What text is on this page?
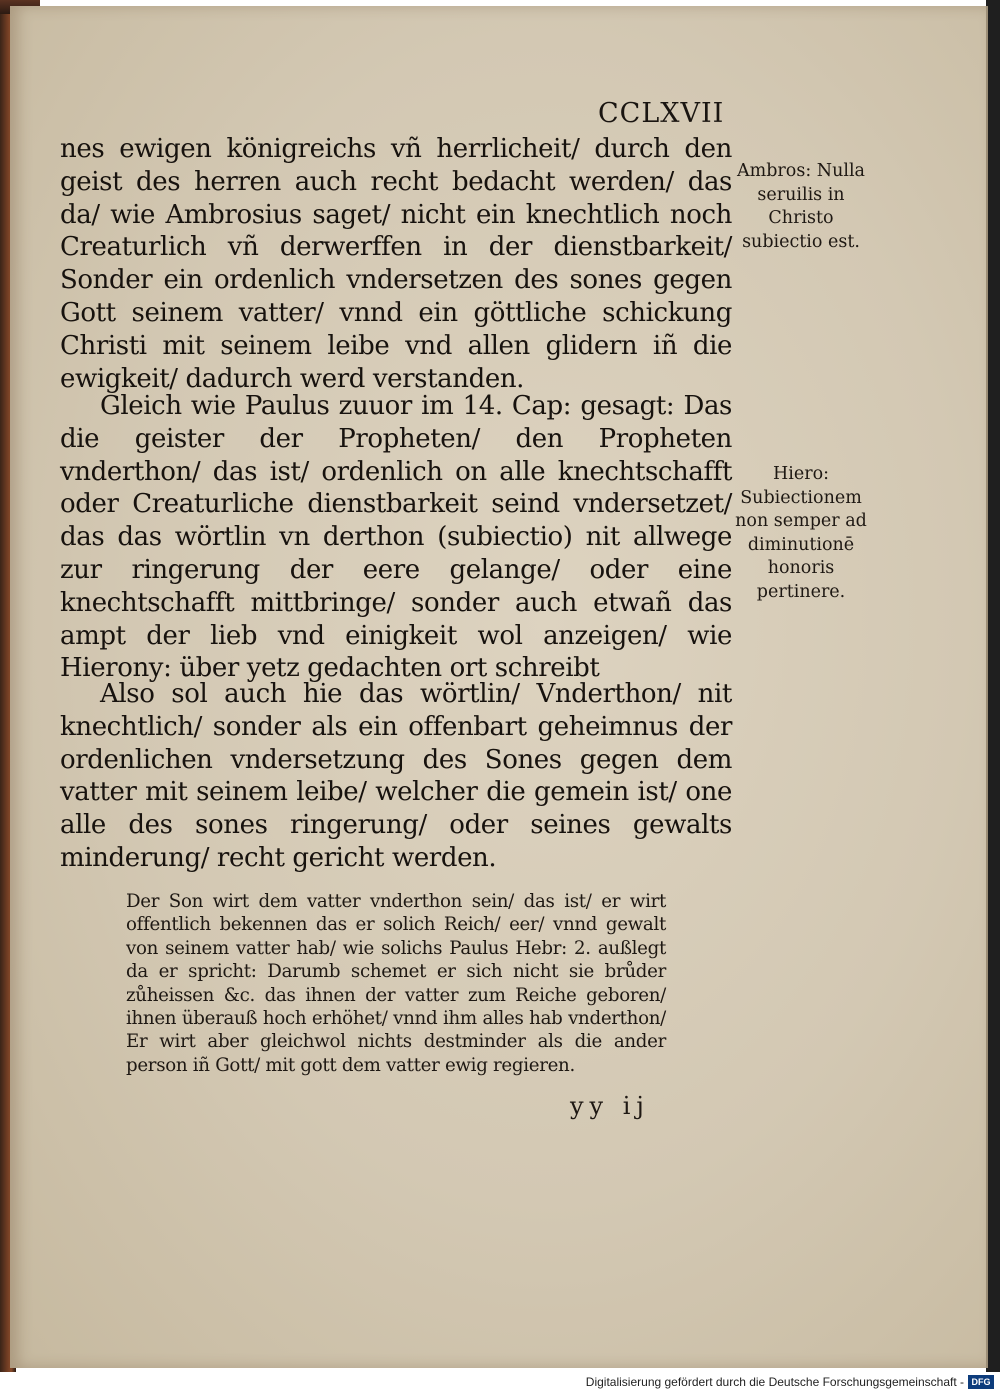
CCLXVII
nes ewigen königreichs vñ herrlicheit/ durch den geist des herren auch recht bedacht werden/ das da/ wie Ambrosius saget/ nicht ein knechtlich noch Creaturlich vñ derwerffen in der dienstbarkeit/ Sonder ein ordenlich vndersetzen des sones gegen Gott seinem vatter/ vnnd ein göttliche schickung Christi mit seinem leibe vnd allen glidern iñ die ewigkeit/ dadurch werd verstanden.
Gleich wie Paulus zuuor im 14. Cap: gesagt: Das die geister der Propheten/ den Propheten vnderthon/ das ist/ ordenlich on alle knechtschafft oder Creaturliche dienstbarkeit seind vndersetzet/ das das wörtlin vn derthon (subiectio) nit allwege zur ringerung der eere gelange/ oder eine knechtschafft mittbringe/ sonder auch etwañ das ampt der lieb vnd einigkeit wol anzeigen/ wie Hierony: über yetz gedachten ort schreibt
Also sol auch hie das wörtlin/ Vnderthon/ nit knechtlich/ sonder als ein offenbart geheimnus der ordenlichen vndersetzung des Sones gegen dem vatter mit seinem leibe/ welcher die gemein ist/ one alle des sones ringerung/ oder seines gewalts minderung/ recht gericht werden.
Der Son wirt dem vatter vnderthon sein/ das ist/ er wirt offentlich bekennen das er solich Reich/ eer/ vnnd gewalt von seinem vatter hab/ wie solichs Paulus Hebr: 2. außlegt da er spricht: Darumb schemet er sich nicht sie brůder zůheissen &c. das ihnen der vatter zum Reiche geboren/ ihnen überauß hoch erhöhet/ vnnd ihm alles hab vnderthon/ Er wirt aber gleichwol nichts destminder als die ander person iñ Gott/ mit gott dem vatter ewig regieren.
yy ij
Ambros: Nulla seruilis in Christo subiectio est.
Hiero: Subiectionem non semper ad diminutionē honoris pertinere.
Digitalisierung gefördert durch die Deutsche Forschungsgemeinschaft - DFG
